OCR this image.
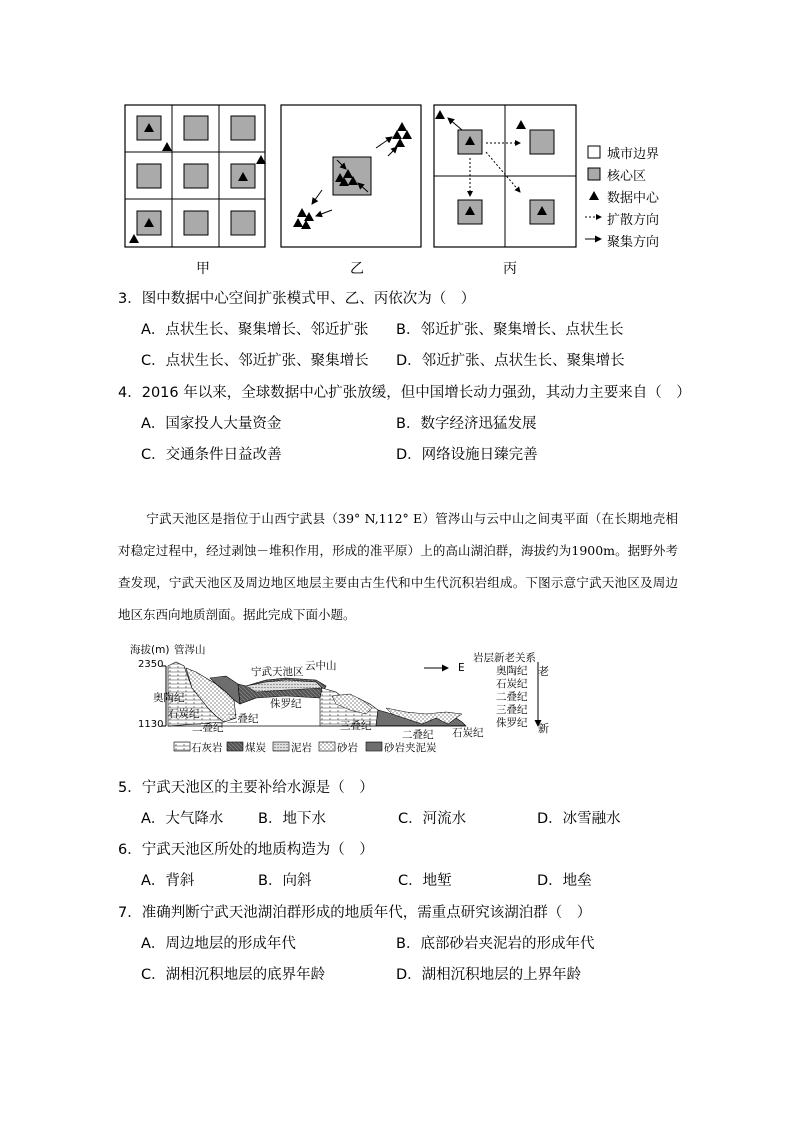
城市边界
核心区
数据中心
扩散方向
聚集方向
甲	乙	丙
3．图中数据中心空间扩张模式甲、乙、丙依次为（　）
A．点状生长、聚集增长、邻近扩张 B．邻近扩张、聚集增长、点状生长
C．点状生长、邻近扩张、聚集增长 D．邻近扩张、点状生长、聚集增长
4．2016 年以来，全球数据中心扩张放缓，但中国增长动力强劲，其动力主要来自（　）
A．国家投人大量资金	B．数字经济迅猛发展
C．交通条件日益改善	D．网络设施日臻完善
宁武天池区是指位于山西宁武县（39° N,112° E）管涔山与云中山之间夷平面（在长期地壳相对稳定过程中，经过剥蚀－堆积作用，形成的准平原）上的高山湖泊群，海拔约为1900m。据野外考查发现，宁武天池区及周边地区地层主要由古生代和中生代沉积岩组成。下图示意宁武天池区及周边地区东西向地质剖面。据此完成下面小题。
海拔(m) 管涔山
2350
1130
宁武天池区 云中山	E
奥陶纪
石炭纪
二叠纪
三叠纪
侏罗纪
三叠纪
二叠纪 石炭纪
岩层新老关系
老
新
奥陶纪
石炭纪
二叠纪
三叠纪
侏罗纪
石灰岩 煤炭 泥岩 砂岩 砂岩夹泥炭
5．宁武天池区的主要补给水源是（　）
A．大气降水 B．地下水	C．河流水	D．冰雪融水
6．宁武天池区所处的地质构造为（　）
A．背斜	B．向斜	C．地堑	D．地垒
7．准确判断宁武天池湖泊群形成的地质年代，需重点研究该湖泊群（　）
A．周边地层的形成年代	B．底部砂岩夹泥岩的形成年代
C．湖相沉积地层的底界年龄	D．湖相沉积地层的上界年龄
